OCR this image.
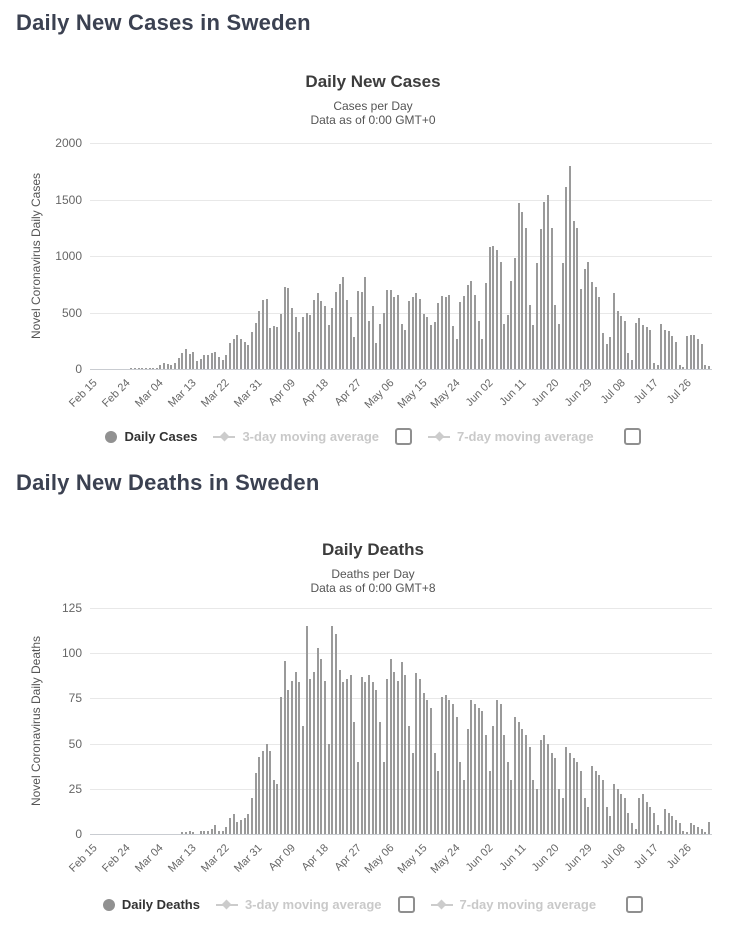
Daily New Cases in Sweden
Daily New Cases
Cases per Day
Data as of 0:00 GMT+0
Novel Coronavirus Daily Cases
0
500
1000
1500
2000
Feb 15 Feb 24 Mar 04 Mar 13 Mar 22 Mar 31 Apr 09 Apr 18 Apr 27 May 06 May 15 May 24 Jun 02 Jun 11 Jun 20 Jun 29 Jul 08 Jul 17 Jul 26
Daily Cases	3-day moving average	7-day moving average
Daily New Deaths in Sweden
Daily Deaths
Deaths per Day
Data as of 0:00 GMT+8
Novel Coronavirus Daily Deaths
0
25
50
75
100
125
Feb 15 Feb 24 Mar 04 Mar 13 Mar 22 Mar 31 Apr 09 Apr 18 Apr 27 May 06 May 15 May 24 Jun 02 Jun 11 Jun 20 Jun 29 Jul 08 Jul 17 Jul 26
Daily Deaths	3-day moving average	7-day moving average
